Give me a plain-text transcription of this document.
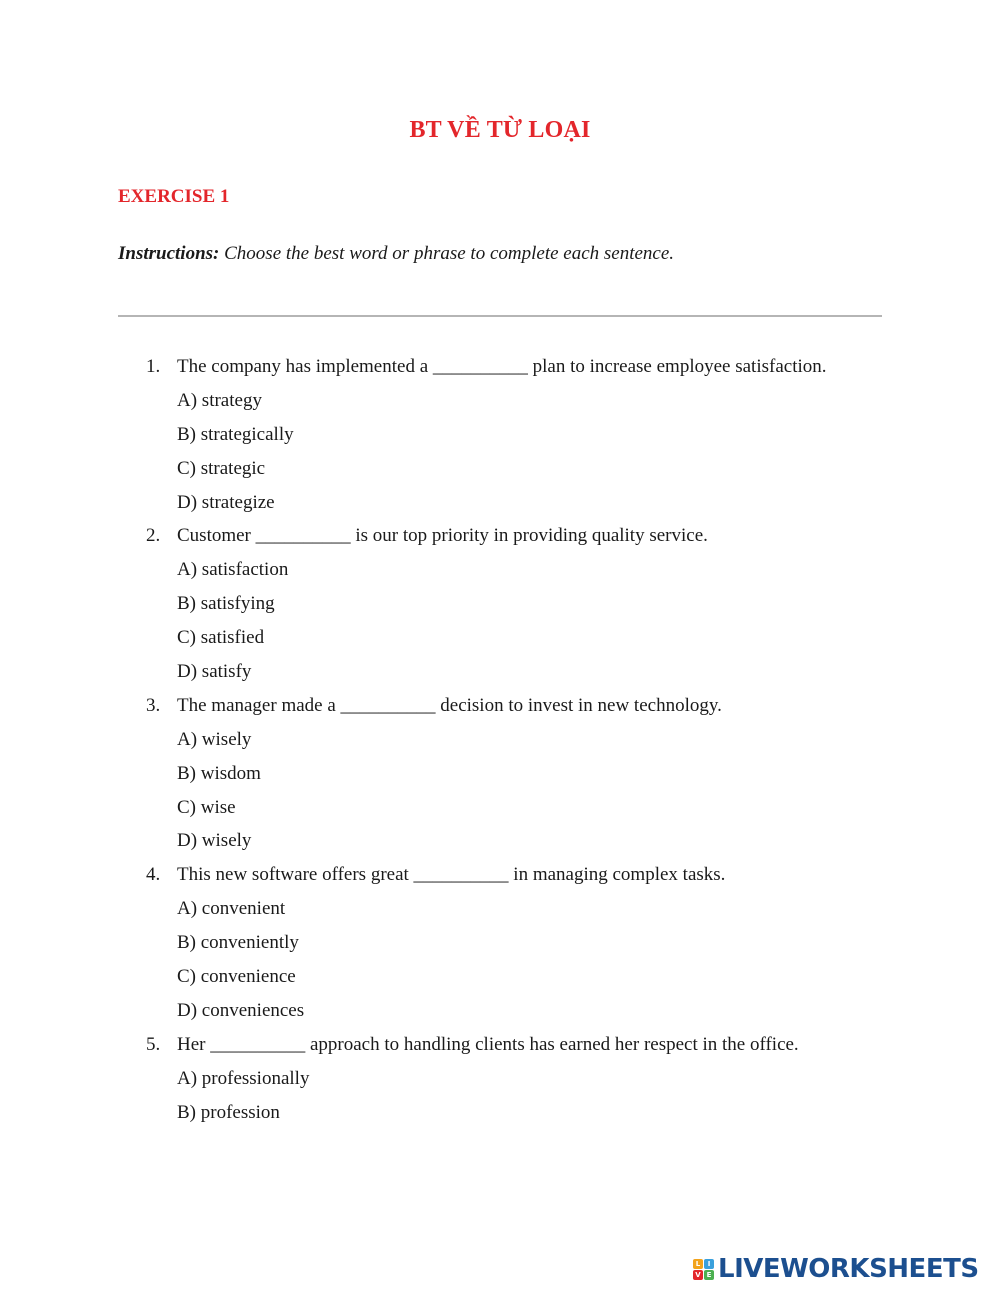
BT VỀ TỪ LOẠI
EXERCISE 1
Instructions: Choose the best word or phrase to complete each sentence.
1. The company has implemented a __________ plan to increase employee satisfaction.
A) strategy
B) strategically
C) strategic
D) strategize
2. Customer __________ is our top priority in providing quality service.
A) satisfaction
B) satisfying
C) satisfied
D) satisfy
3. The manager made a __________ decision to invest in new technology.
A) wisely
B) wisdom
C) wise
D) wisely
4. This new software offers great __________ in managing complex tasks.
A) convenient
B) conveniently
C) convenience
D) conveniences
5. Her __________ approach to handling clients has earned her respect in the office.
A) professionally
B) profession
L	I
V E LIVEWORKSHEETS
